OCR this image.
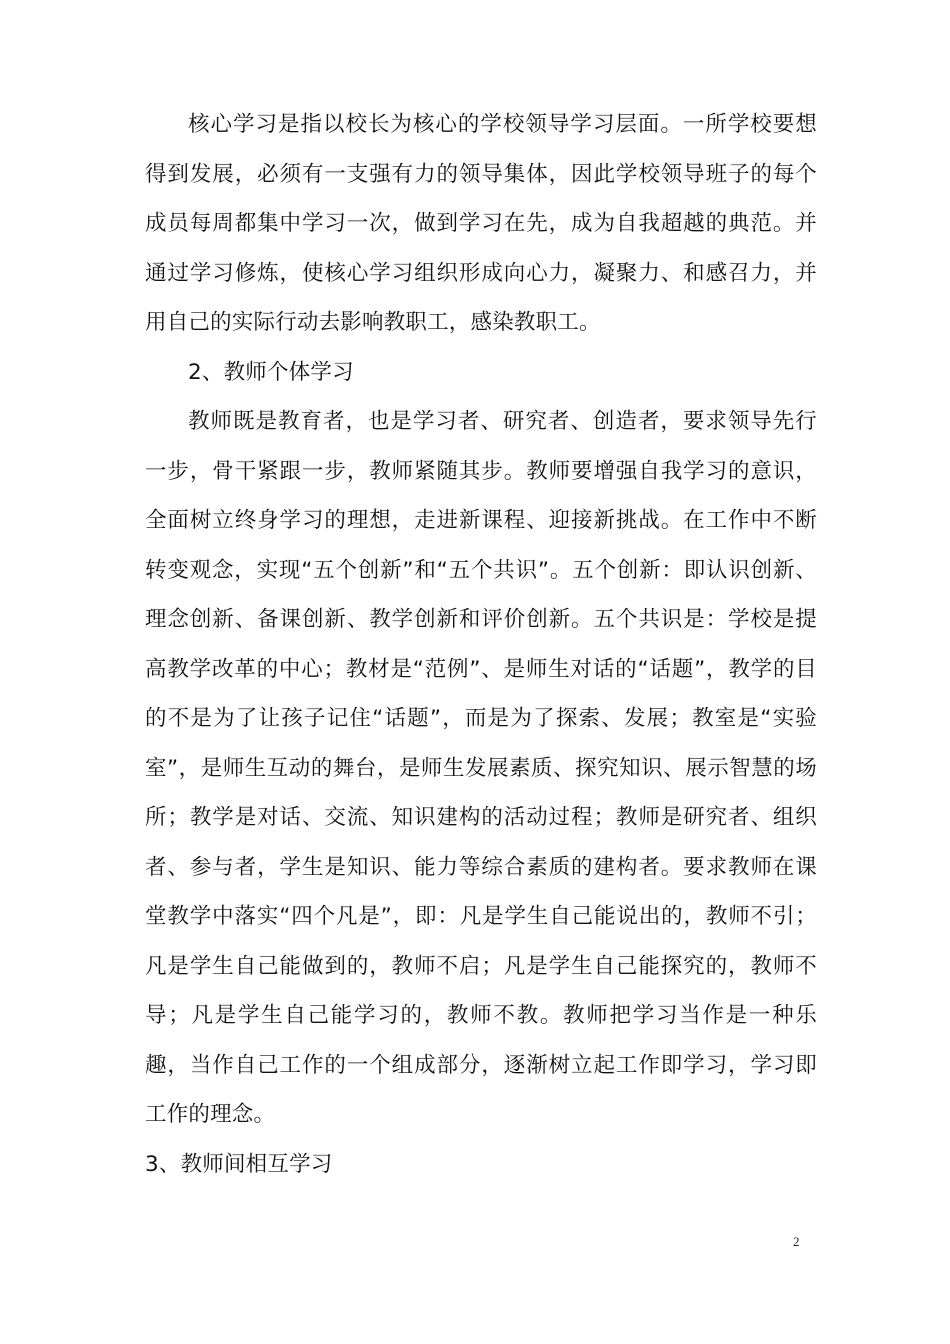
核心学习是指以校长为核心的学校领导学习层面。一所学校要想得到发展，必须有一支强有力的领导集体，因此学校领导班子的每个成员每周都集中学习一次，做到学习在先，成为自我超越的典范。并通过学习修炼，使核心学习组织形成向心力，凝聚力、和感召力，并用自己的实际行动去影响教职工，感染教职工。

2、教师个体学习

教师既是教育者，也是学习者、研究者、创造者，要求领导先行一步，骨干紧跟一步，教师紧随其步。教师要增强自我学习的意识，全面树立终身学习的理想，走进新课程、迎接新挑战。在工作中不断转变观念，实现“五个创新”和“五个共识”。五个创新：即认识创新、理念创新、备课创新、教学创新和评价创新。五个共识是：学校是提高教学改革的中心；教材是“范例”、是师生对话的“话题”，教学的目的不是为了让孩子记住“话题”，而是为了探索、发展；教室是“实验室”，是师生互动的舞台，是师生发展素质、探究知识、展示智慧的场所；教学是对话、交流、知识建构的活动过程；教师是研究者、组织者、参与者，学生是知识、能力等综合素质的建构者。要求教师在课堂教学中落实“四个凡是”，即：凡是学生自己能说出的，教师不引；凡是学生自己能做到的，教师不启；凡是学生自己能探究的，教师不导；凡是学生自己能学习的，教师不教。教师把学习当作是一种乐趣，当作自己工作的一个组成部分，逐渐树立起工作即学习，学习即工作的理念。

3、教师间相互学习

2
